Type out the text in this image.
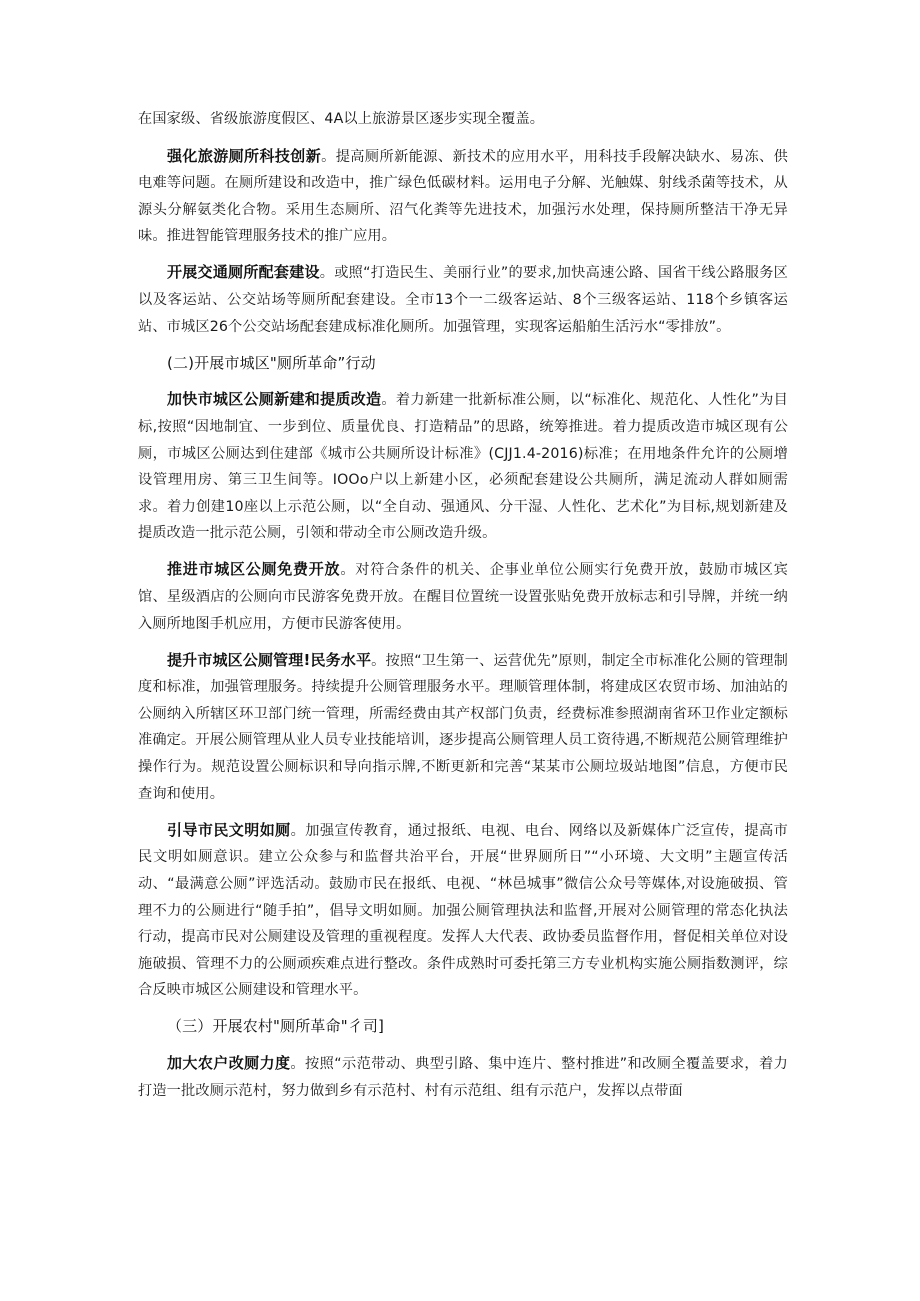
在国家级、省级旅游度假区、4A以上旅游景区逐步实现全覆盖。

强化旅游厕所科技创新。提高厕所新能源、新技术的应用水平，用科技手段解决缺水、易冻、供电难等问题。在厕所建设和改造中，推广绿色低碳材料。运用电子分解、光触媒、射线杀菌等技术，从源头分解氨类化合物。采用生态厕所、沼气化粪等先进技术，加强污水处理，保持厕所整洁干净无异味。推进智能管理服务技术的推广应用。

开展交通厕所配套建设。或照“打造民生、美丽行业”的要求,加快高速公路、国省干线公路服务区以及客运站、公交站场等厕所配套建设。全市13个一二级客运站、8个三级客运站、118个乡镇客运站、市城区26个公交站场配套建成标准化厕所。加强管理，实现客运船舶生活污水“零排放”。

(二)开展市城区"厕所革命”行动

加快市城区公厕新建和提质改造。着力新建一批新标准公厕，以“标准化、规范化、人性化”为目标,按照“因地制宜、一步到位、质量优良、打造精品”的思路，统筹推进。着力提质改造市城区现有公厕，市城区公厕达到住建部《城市公共厕所设计标准》(CJJ1.4-2016)标准；在用地条件允许的公厕增设管理用房、第三卫生间等。IOOo户以上新建小区，必须配套建设公共厕所，满足流动人群如厕需求。着力创建10座以上示范公厕，以“全自动、强通风、分干湿、人性化、艺术化”为目标,规划新建及提质改造一批示范公厕，引领和带动全市公厕改造升级。

推进市城区公厕免费开放。对符合条件的机关、企事业单位公厕实行免费开放，鼓励市城区宾馆、星级酒店的公厕向市民游客免费开放。在醒目位置统一设置张贴免费开放标志和引导牌，并统一纳入厕所地图手机应用，方便市民游客使用。

提升市城区公厕管理!民务水平。按照“卫生第一、运营优先”原则，制定全市标准化公厕的管理制度和标准，加强管理服务。持续提升公厕管理服务水平。理顺管理体制，将建成区农贸市场、加油站的公厕纳入所辖区环卫部门统一管理，所需经费由其产权部门负责，经费标准参照湖南省环卫作业定额标准确定。开展公厕管理从业人员专业技能培训，逐步提高公厕管理人员工资待遇,不断规范公厕管理维护操作行为。规范设置公厕标识和导向指示牌,不断更新和完善“某某市公厕垃圾站地图”信息，方便市民查询和使用。

引导市民文明如厕。加强宣传教育，通过报纸、电视、电台、网络以及新媒体广泛宣传，提高市民文明如厕意识。建立公众参与和监督共治平台，开展“世界厕所日”“小环境、大文明”主题宣传活动、“最满意公厕”评选活动。鼓励市民在报纸、电视、“林邑城事”微信公众号等媒体,对设施破损、管理不力的公厕进行“随手拍”，倡导文明如厕。加强公厕管理执法和监督,开展对公厕管理的常态化执法行动，提高市民对公厕建设及管理的重视程度。发挥人大代表、政协委员监督作用，督促相关单位对设施破损、管理不力的公厕顽疾难点进行整改。条件成熟时可委托第三方专业机构实施公厕指数测评，综合反映市城区公厕建设和管理水平。

（三）开展农村"厕所革命"彳司]

加大农户改厕力度。按照“示范带动、典型引路、集中连片、整村推进”和改厕全覆盖要求，着力打造一批改厕示范村，努力做到乡有示范村、村有示范组、组有示范户，发挥以点带面
